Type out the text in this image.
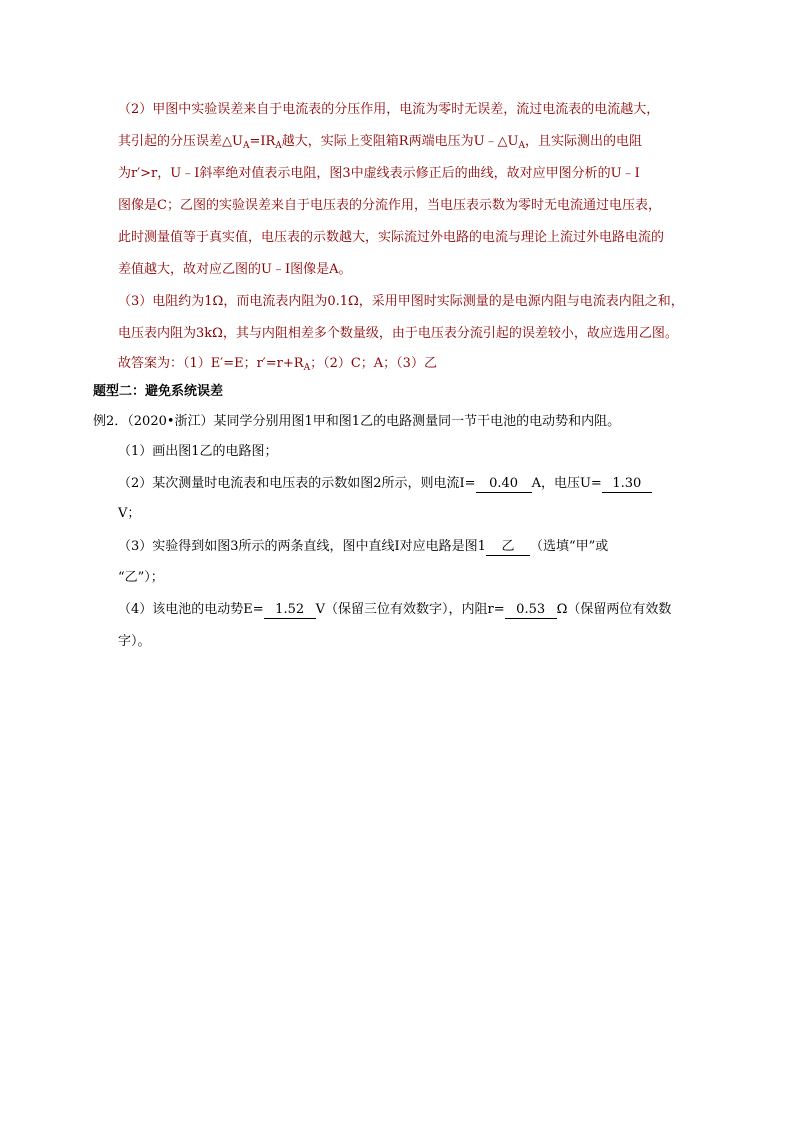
（2）甲图中实验误差来自于电流表的分压作用，电流为零时无误差，流过电流表的电流越大，
其引起的分压误差$\triangle U_A=IR_A$越大，实际上变阻箱R两端电压为$U﹣\triangle U_A$，且实际测出的电阻
为r′>r，U﹣I斜率绝对值表示电阻，图3中虚线表示修正后的曲线，故对应甲图分析的U﹣I
图像是C；乙图的实验误差来自于电压表的分流作用，当电压表示数为零时无电流通过电压表，
此时测量值等于真实值，电压表的示数越大，实际流过外电路的电流与理论上流过外电路电流的
差值越大，故对应乙图的U﹣I图像是A。
（3）电阻约为1Ω，而电流表内阻为0.1Ω，采用甲图时实际测量的是电源内阻与电流表内阻之和，
电压表内阻为3kΩ，其与内阻相差多个数量级，由于电压表分流引起的误差较小，故应选用乙图。
故答案为：（1）E′=E；$r'=r+R_A$；（2）C；A；（3）乙
题型二：避免系统误差
例2．（2020•浙江）某同学分别用图1甲和图1乙的电路测量同一节干电池的电动势和内阻。
（1）画出图1乙的电路图；
（2）某次测量时电流表和电压表的示数如图2所示，则电流I= 0.40 A，电压U= 1.30
V；
（3）实验得到如图3所示的两条直线，图中直线Ⅰ对应电路是图1 乙 （选填“甲”或
“乙”）；
（4）该电池的电动势E= 1.52 V（保留三位有效数字），内阻r= 0.53 Ω（保留两位有效数
字）。
